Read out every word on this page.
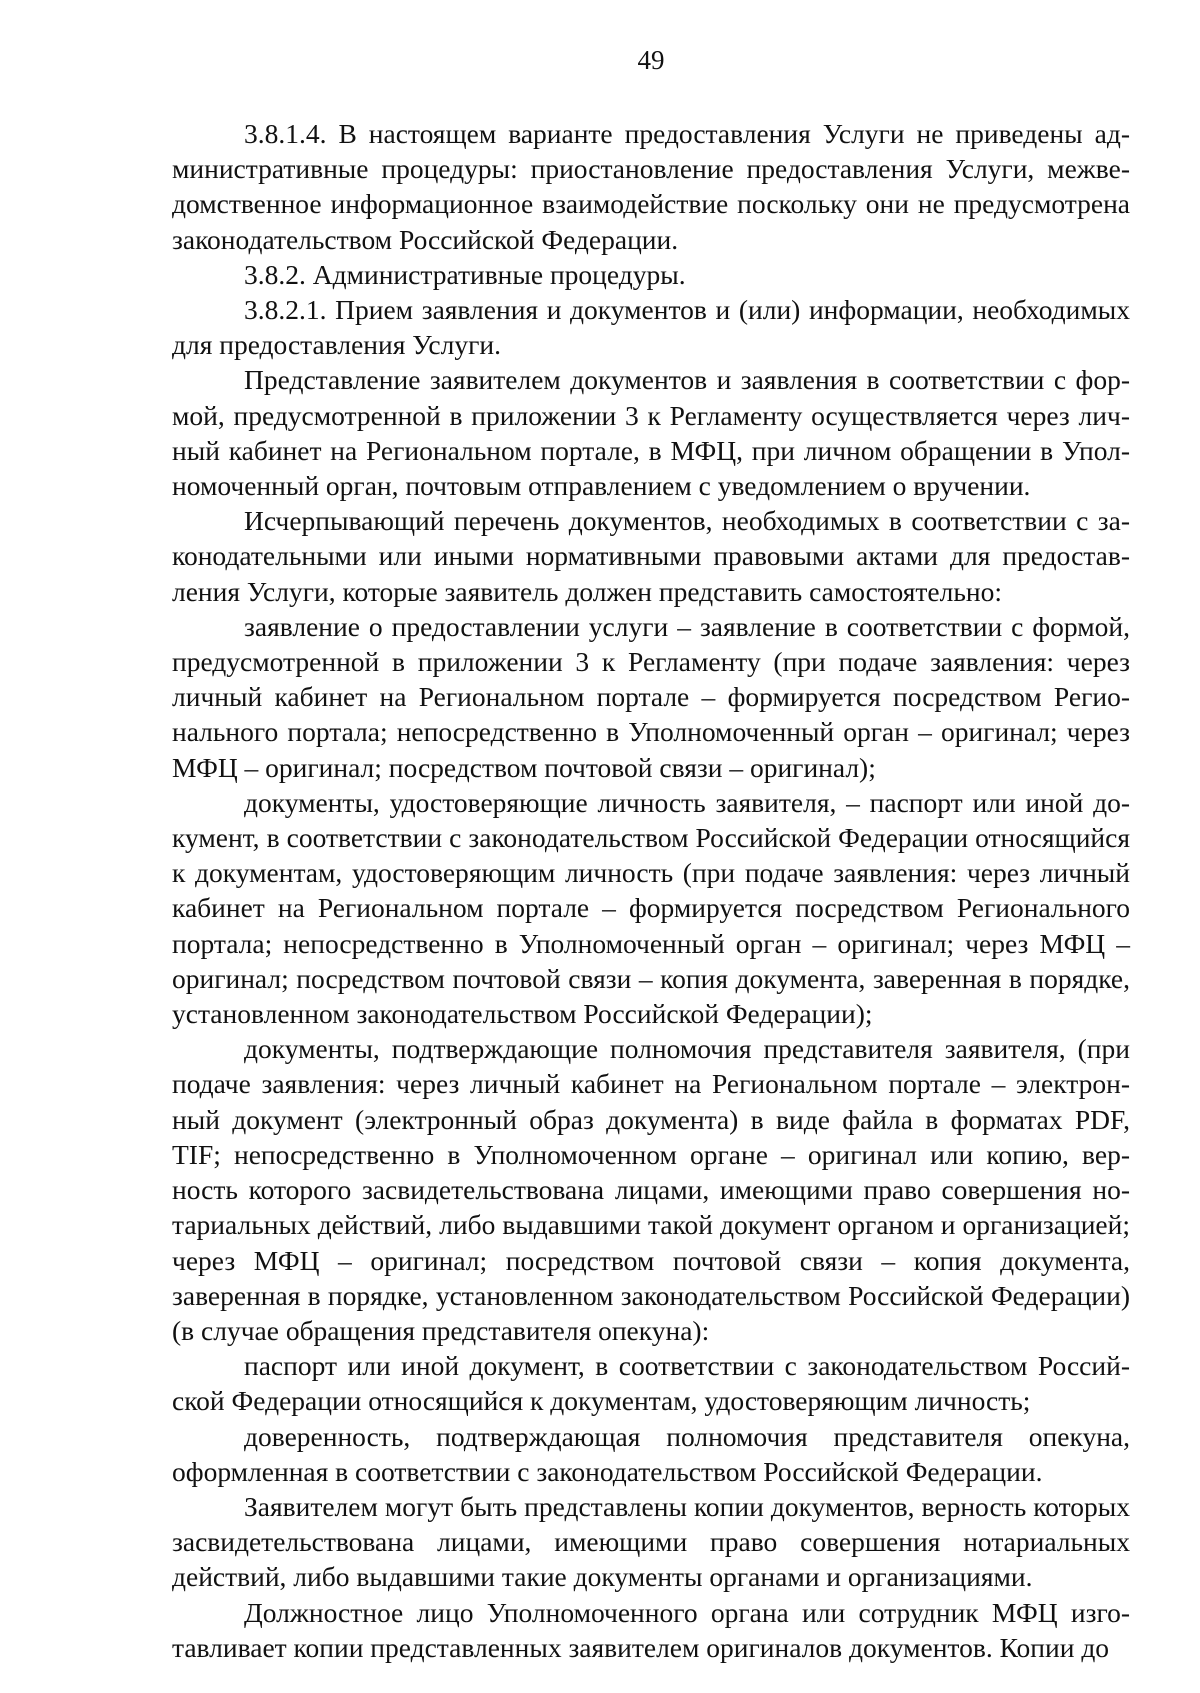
49

3.8.1.4. В настоящем варианте предоставления Услуги не приведены административные процедуры: приостановление предоставления Услуги, межведомственное информационное взаимодействие поскольку они не предусмотрена законодательством Российской Федерации.

3.8.2. Административные процедуры.

3.8.2.1. Прием заявления и документов и (или) информации, необходимых для предоставления Услуги.

Представление заявителем документов и заявления в соответствии с формой, предусмотренной в приложении 3 к Регламенту осуществляется через личный кабинет на Региональном портале, в МФЦ, при личном обращении в Уполномоченный орган, почтовым отправлением с уведомлением о вручении.

Исчерпывающий перечень документов, необходимых в соответствии с законодательными или иными нормативными правовыми актами для предоставления Услуги, которые заявитель должен представить самостоятельно:

заявление о предоставлении услуги – заявление в соответствии с формой, предусмотренной в приложении 3 к Регламенту (при подаче заявления: через личный кабинет на Региональном портале – формируется посредством Регионального портала; непосредственно в Уполномоченный орган – оригинал; через МФЦ – оригинал; посредством почтовой связи – оригинал);

документы, удостоверяющие личность заявителя, – паспорт или иной документ, в соответствии с законодательством Российской Федерации относящийся к документам, удостоверяющим личность (при подаче заявления: через личный кабинет на Региональном портале – формируется посредством Регионального портала; непосредственно в Уполномоченный орган – оригинал; через МФЦ – оригинал; посредством почтовой связи – копия документа, заверенная в порядке, установленном законодательством Российской Федерации);

документы, подтверждающие полномочия представителя заявителя, (при подаче заявления: через личный кабинет на Региональном портале – электронный документ (электронный образ документа) в виде файла в форматах PDF, TIF; непосредственно в Уполномоченном органе – оригинал или копию, верность которого засвидетельствована лицами, имеющими право совершения нотариальных действий, либо выдавшими такой документ органом и организацией; через МФЦ – оригинал; посредством почтовой связи – копия документа, заверенная в порядке, установленном законодательством Российской Федерации) (в случае обращения представителя опекуна):

паспорт или иной документ, в соответствии с законодательством Российской Федерации относящийся к документам, удостоверяющим личность;

доверенность, подтверждающая полномочия представителя опекуна, оформленная в соответствии с законодательством Российской Федерации.

Заявителем могут быть представлены копии документов, верность которых засвидетельствована лицами, имеющими право совершения нотариальных действий, либо выдавшими такие документы органами и организациями.

Должностное лицо Уполномоченного органа или сотрудник МФЦ изготавливает копии представленных заявителем оригиналов документов. Копии до
